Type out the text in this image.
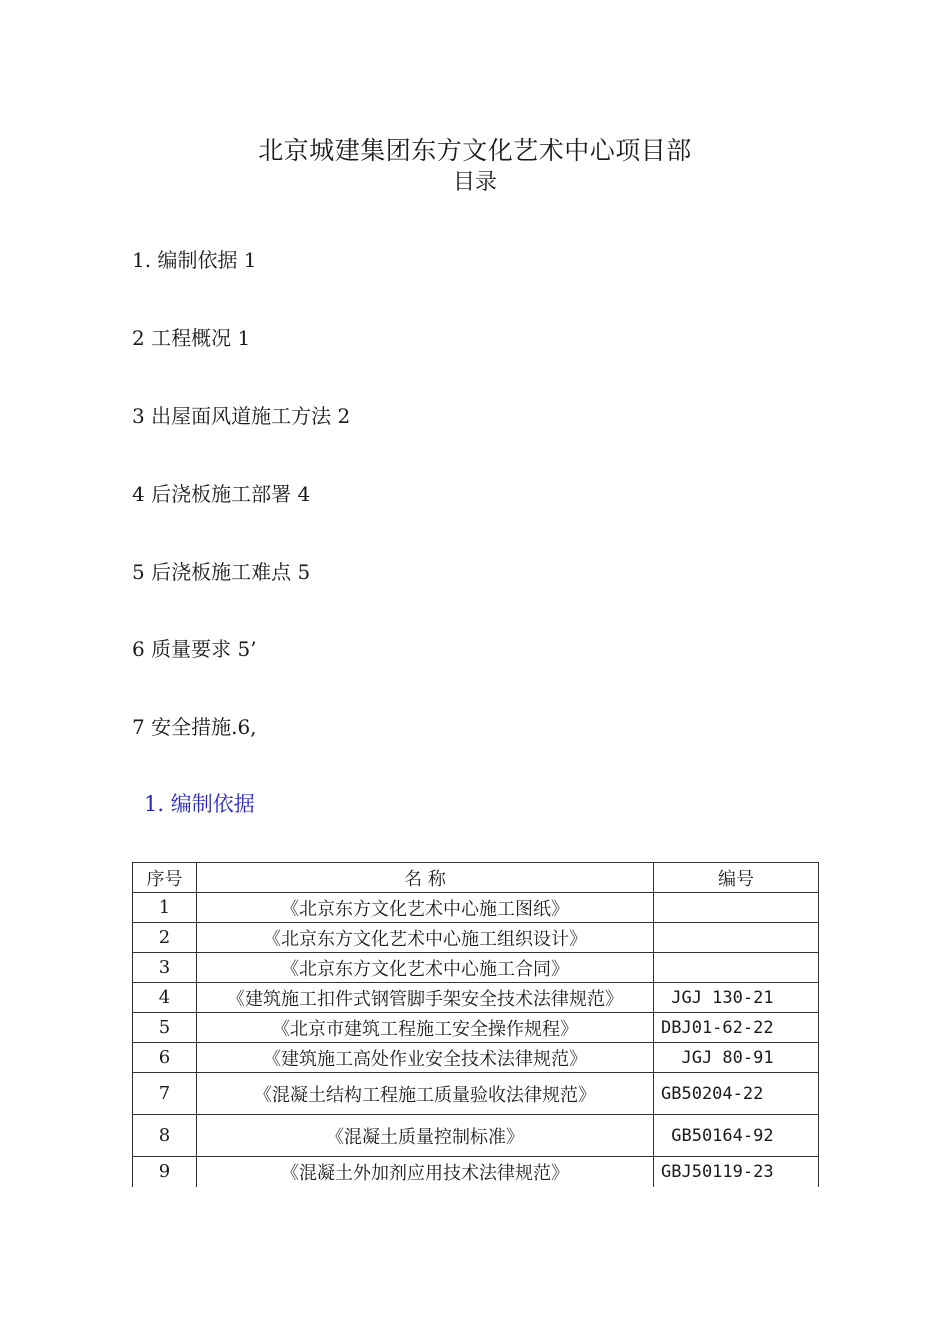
北京城建集团东方文化艺术中心项目部
目录
1. 编制依据 1
2 工程概况 1
3 出屋面风道施工方法 2
4 后浇板施工部署 4
5 后浇板施工难点 5
6 质量要求 5’
7 安全措施.6,
1. 编制依据
序号	名 称	编号
1	《北京东方文化艺术中心施工图纸》	
2	《北京东方文化艺术中心施工组织设计》	
3	《北京东方文化艺术中心施工合同》	
4	《建筑施工扣件式钢管脚手架安全技术法律规范》	JGJ 130-21
5	《北京市建筑工程施工安全操作规程》	DBJ01-62-22
6	《建筑施工高处作业安全技术法律规范》	JGJ 80-91
7	《混凝土结构工程施工质量验收法律规范》	GB50204-22
8	《混凝土质量控制标准》	GB50164-92
9	《混凝土外加剂应用技术法律规范》	GBJ50119-23
